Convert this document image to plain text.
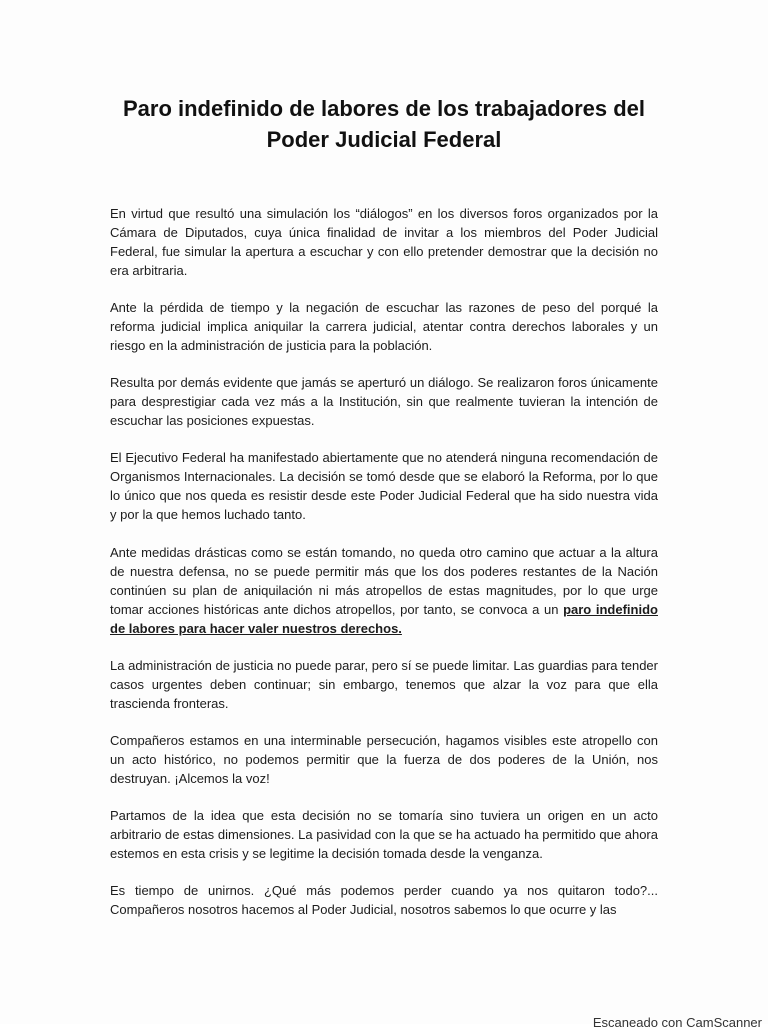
Paro indefinido de labores de los trabajadores del
Poder Judicial Federal

En virtud que resultó una simulación los “diálogos” en los diversos foros organizados por la Cámara de Diputados, cuya única finalidad de invitar a los miembros del Poder Judicial Federal, fue simular la apertura a escuchar y con ello pretender demostrar que la decisión no era arbitraria.

Ante la pérdida de tiempo y la negación de escuchar las razones de peso del porqué la reforma judicial implica aniquilar la carrera judicial, atentar contra derechos laborales y un riesgo en la administración de justicia para la población.

Resulta por demás evidente que jamás se aperturó un diálogo. Se realizaron foros únicamente para desprestigiar cada vez más a la Institución, sin que realmente tuvieran la intención de escuchar las posiciones expuestas.

El Ejecutivo Federal ha manifestado abiertamente que no atenderá ninguna recomendación de Organismos Internacionales. La decisión se tomó desde que se elaboró la Reforma, por lo que lo único que nos queda es resistir desde este Poder Judicial Federal que ha sido nuestra vida y por la que hemos luchado tanto.

Ante medidas drásticas como se están tomando, no queda otro camino que actuar a la altura de nuestra defensa, no se puede permitir más que los dos poderes restantes de la Nación continúen su plan de aniquilación ni más atropellos de estas magnitudes, por lo que urge tomar acciones históricas ante dichos atropellos, por tanto, se convoca a un paro indefinido de labores para hacer valer nuestros derechos.

La administración de justicia no puede parar, pero sí se puede limitar. Las guardias para tender casos urgentes deben continuar; sin embargo, tenemos que alzar la voz para que ella trascienda fronteras.

Compañeros estamos en una interminable persecución, hagamos visibles este atropello con un acto histórico, no podemos permitir que la fuerza de dos poderes de la Unión, nos destruyan. ¡Alcemos la voz!

Partamos de la idea que esta decisión no se tomaría sino tuviera un origen en un acto arbitrario de estas dimensiones. La pasividad con la que se ha actuado ha permitido que ahora estemos en esta crisis y se legitime la decisión tomada desde la venganza.

Es tiempo de unirnos. ¿Qué más podemos perder cuando ya nos quitaron todo?... Compañeros nosotros hacemos al Poder Judicial, nosotros sabemos lo que ocurre y las

Escaneado con CamScanner
